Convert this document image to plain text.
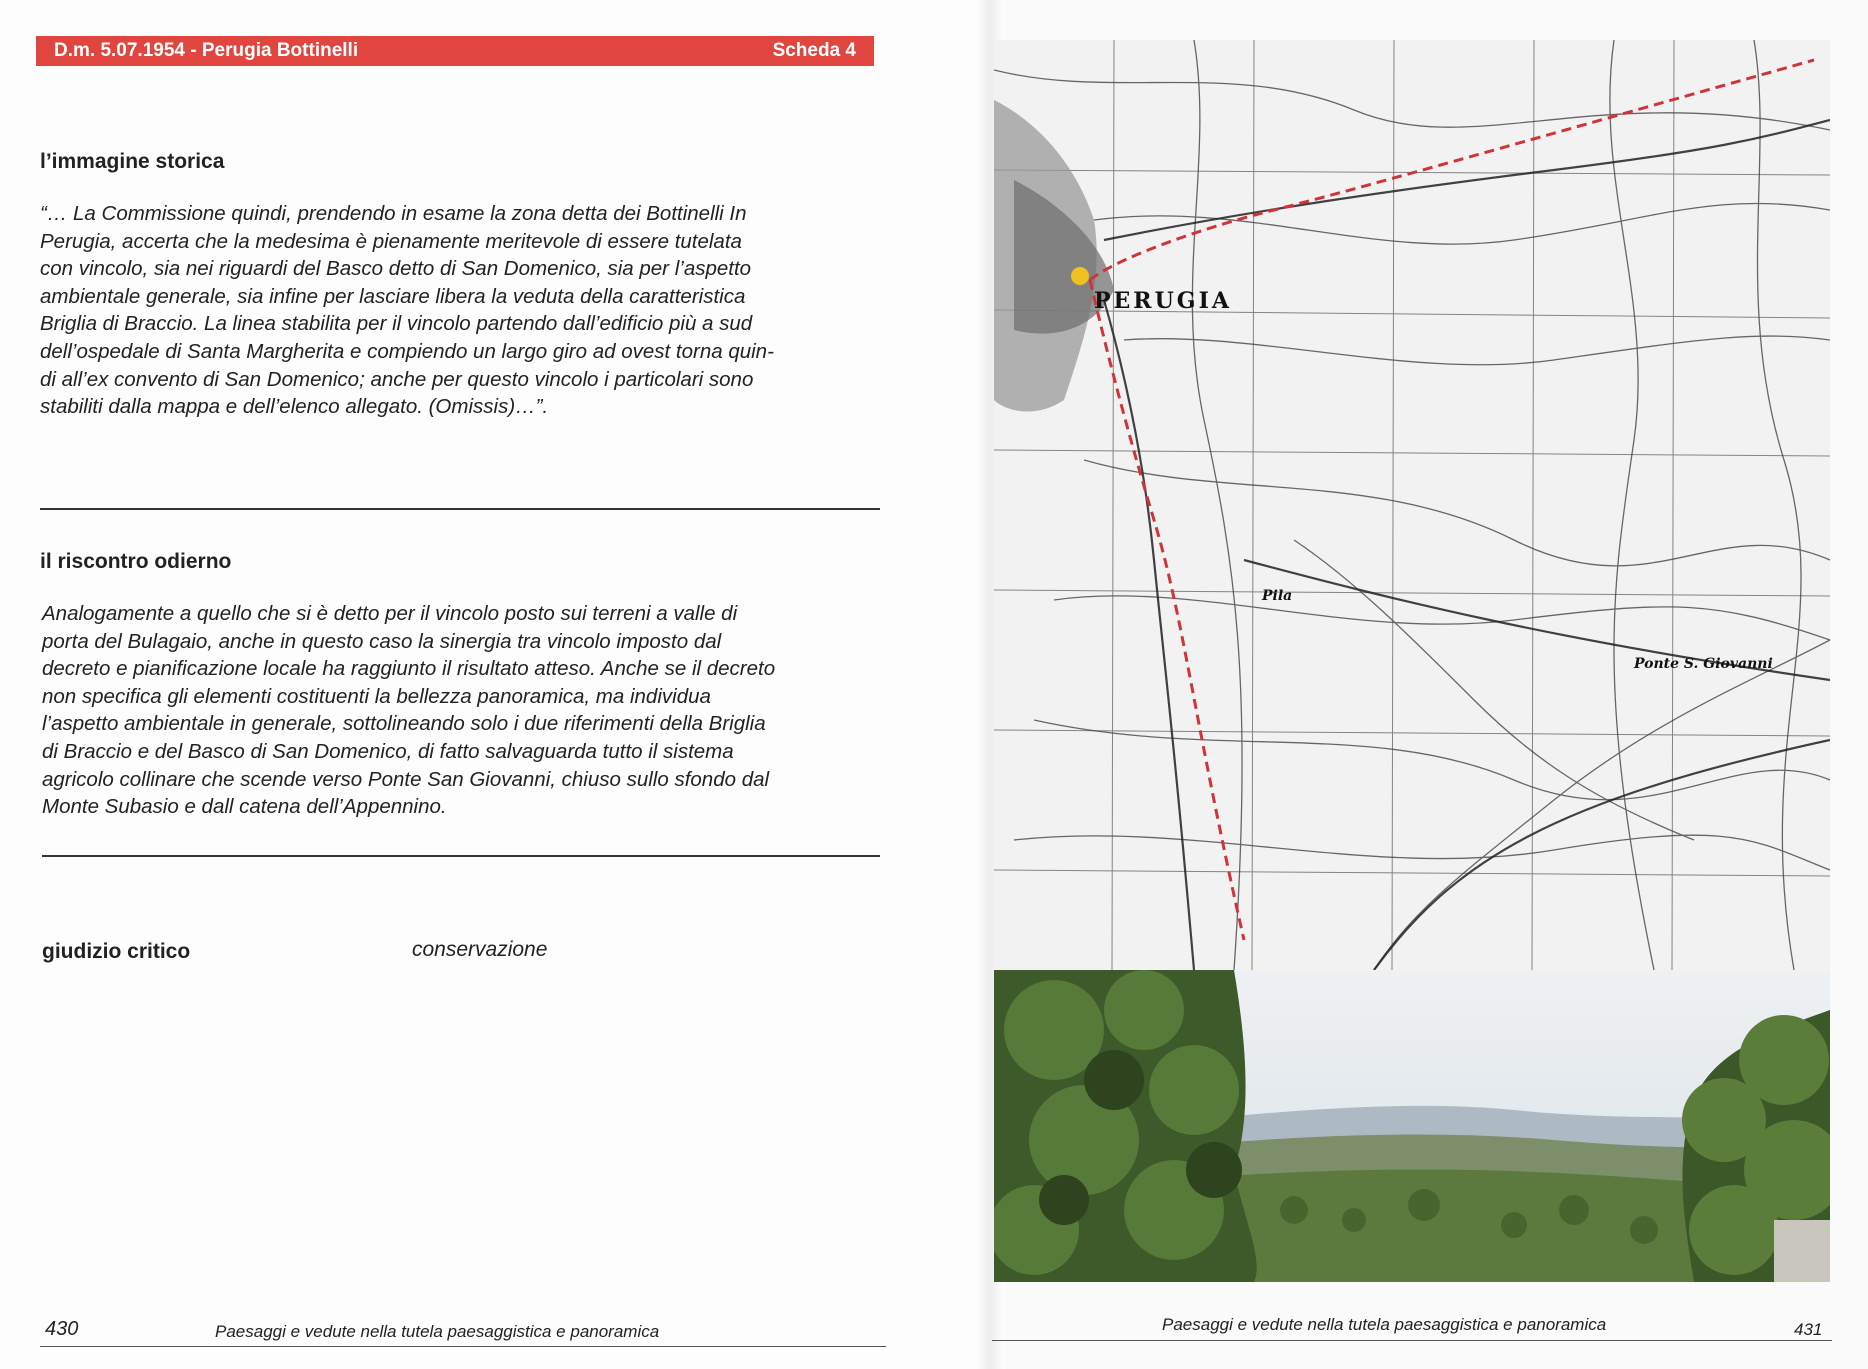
D.m. 5.07.1954 - Perugia Bottinelli	Scheda 4
l’immagine storica
“… La Commissione quindi, prendendo in esame la zona detta dei Bottinelli In
Perugia, accerta che la medesima è pienamente meritevole di essere tutelata
con vincolo, sia nei riguardi del Basco detto di San Domenico, sia per l’aspetto
ambientale generale, sia infine per lasciare libera la veduta della caratteristica
Briglia di Braccio. La linea stabilita per il vincolo partendo dall’edificio più a sud
dell’ospedale di Santa Margherita e compiendo un largo giro ad ovest torna quin-
di all’ex convento di San Domenico; anche per questo vincolo i particolari sono
stabiliti dalla mappa e dell’elenco allegato. (Omissis)…”.
il riscontro odierno
Analogamente a quello che si è detto per il vincolo posto sui terreni a valle di
porta del Bulagaio, anche in questo caso la sinergia tra vincolo imposto dal
decreto e pianificazione locale ha raggiunto il risultato atteso. Anche se il decreto
non specifica gli elementi costituenti la bellezza panoramica, ma individua
l’aspetto ambientale in generale, sottolineando solo i due riferimenti della Briglia
di Braccio e del Basco di San Domenico, di fatto salvaguarda tutto il sistema
agricolo collinare che scende verso Ponte San Giovanni, chiuso sullo sfondo dal
Monte Subasio e dall catena dell’Appennino.
giudizio critico	conservazione
430	Paesaggi e vedute nella tutela paesaggistica e panoramica
PERUGIA
Pila
Ponte S. Giovanni
Paesaggi e vedute nella tutela paesaggistica e panoramica	431
